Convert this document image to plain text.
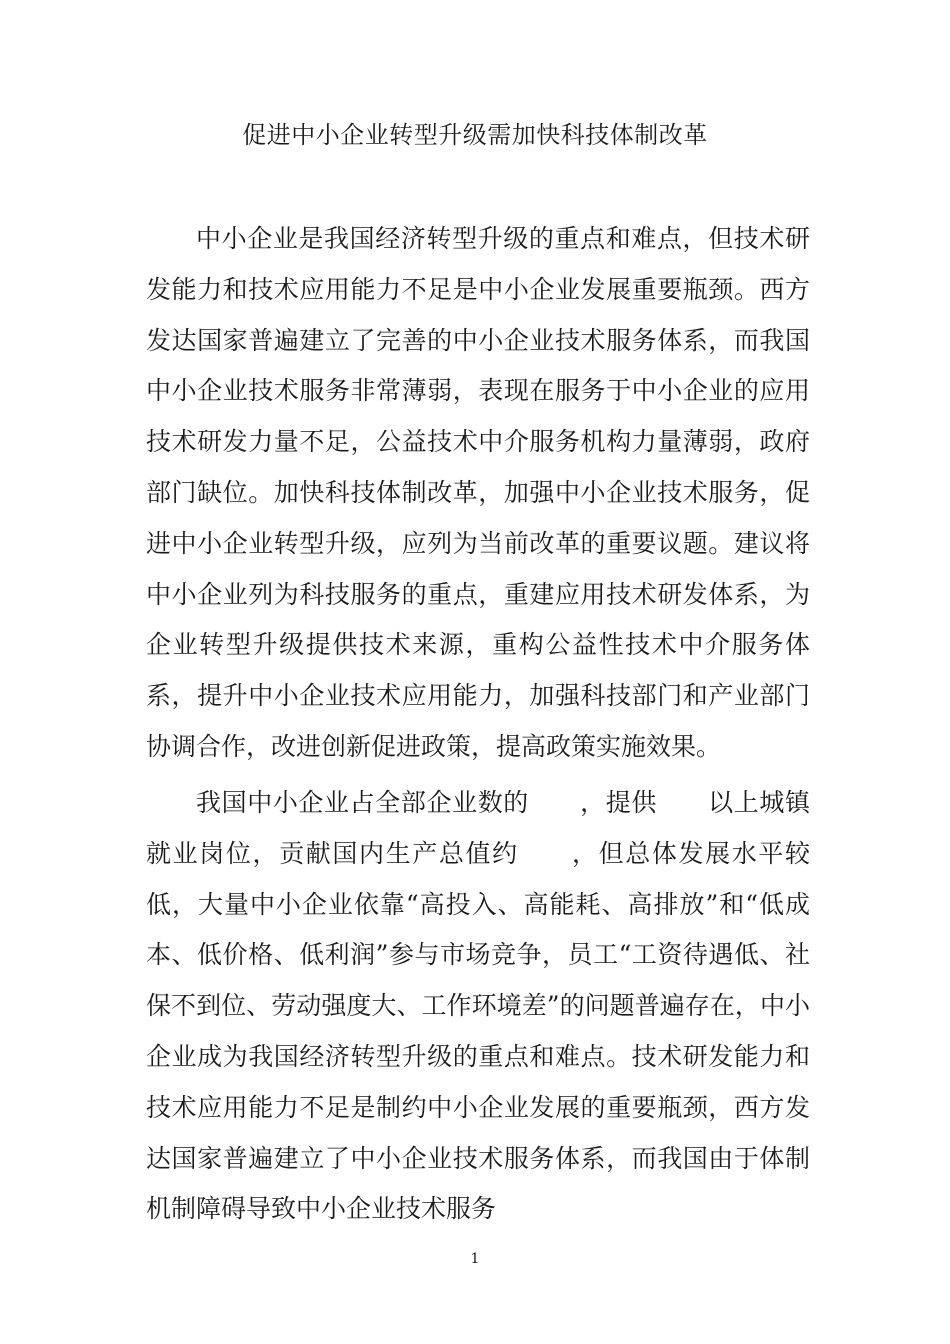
促进中小企业转型升级需加快科技体制改革

中小企业是我国经济转型升级的重点和难点，但技术研发能力和技术应用能力不足是中小企业发展重要瓶颈。西方发达国家普遍建立了完善的中小企业技术服务体系，而我国中小企业技术服务非常薄弱，表现在服务于中小企业的应用技术研发力量不足，公益技术中介服务机构力量薄弱，政府部门缺位。加快科技体制改革，加强中小企业技术服务，促进中小企业转型升级，应列为当前改革的重要议题。建议将中小企业列为科技服务的重点，重建应用技术研发体系，为企业转型升级提供技术来源，重构公益性技术中介服务体系，提升中小企业技术应用能力，加强科技部门和产业部门协调合作，改进创新促进政策，提高政策实施效果。

我国中小企业占全部企业数的　　，提供　　以上城镇就业岗位，贡献国内生产总值约　　，但总体发展水平较低，大量中小企业依靠“高投入、高能耗、高排放”和“低成本、低价格、低利润”参与市场竞争，员工“工资待遇低、社保不到位、劳动强度大、工作环境差”的问题普遍存在，中小企业成为我国经济转型升级的重点和难点。技术研发能力和技术应用能力不足是制约中小企业发展的重要瓶颈，西方发达国家普遍建立了中小企业技术服务体系，而我国由于体制机制障碍导致中小企业技术服务

1
